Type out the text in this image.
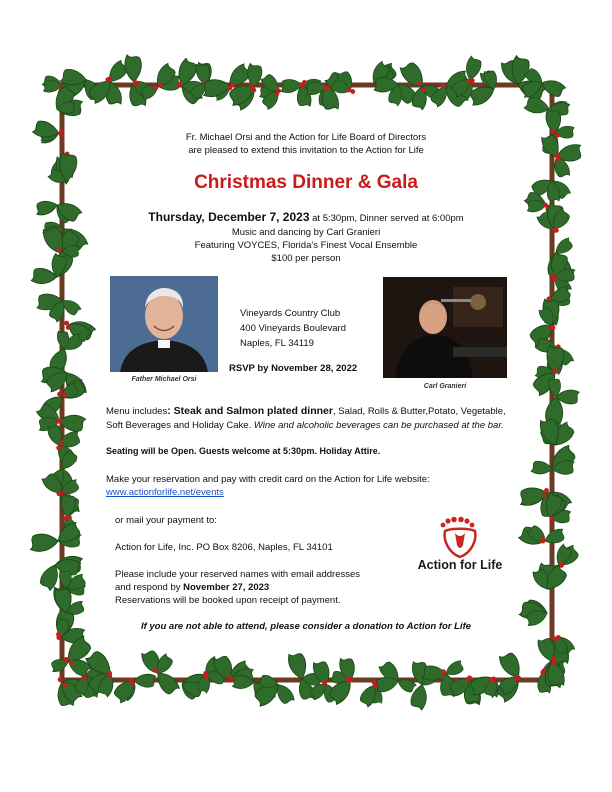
Fr. Michael Orsi and the Action for Life Board of Directors
are pleased to extend this invitation to the Action for Life
Christmas Dinner & Gala
Thursday, December 7, 2023 at 5:30pm, Dinner served at 6:00pm
Music and dancing by Carl Granieri
Featuring VOYCES, Florida’s Finest Vocal Ensemble
$100 per person
Father Michael Orsi
Carl Granieri
Vineyards Country Club
400 Vineyards Boulevard
Naples, FL 34119
RSVP by November 28, 2022
Menu includes: Steak and Salmon plated dinner, Salad, Rolls & Butter,Potato, Vegetable, Soft Beverages and Holiday Cake. Wine and alcoholic beverages can be purchased at the bar.
Seating will be Open. Guests welcome at 5:30pm. Holiday Attire.
Make your reservation and pay with credit card on the Action for Life website:
www.actionforlife.net/events
or mail your payment to:
Action for Life, Inc. PO Box 8206, Naples, FL 34101
Please include your reserved names with email addresses
and respond by November 27, 2023
Reservations will be booked upon receipt of payment.
Action for Life
If you are not able to attend, please consider a donation to Action for Life
